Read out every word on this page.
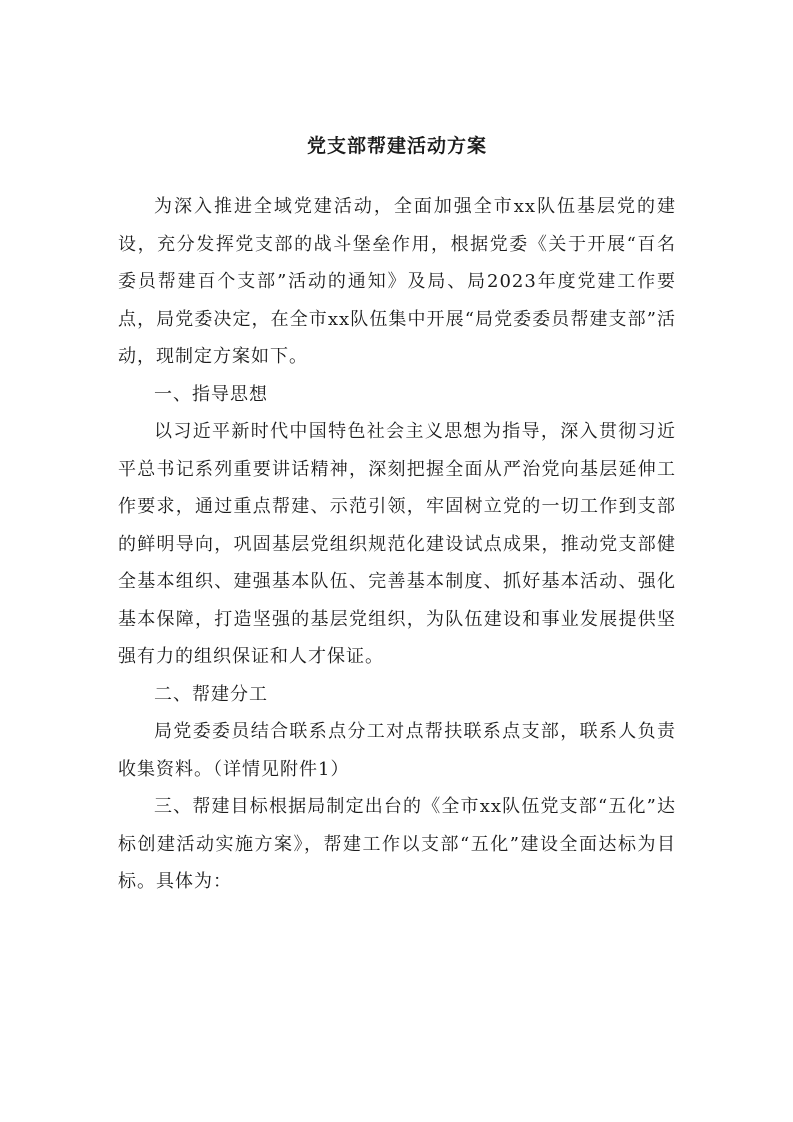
党支部帮建活动方案

为深入推进全域党建活动，全面加强全市xx队伍基层党的建设，充分发挥党支部的战斗堡垒作用，根据党委《关于开展“百名委员帮建百个支部”活动的通知》及局、局2023年度党建工作要点，局党委决定，在全市xx队伍集中开展“局党委委员帮建支部”活动，现制定方案如下。

一、指导思想

以习近平新时代中国特色社会主义思想为指导，深入贯彻习近平总书记系列重要讲话精神，深刻把握全面从严治党向基层延伸工作要求，通过重点帮建、示范引领，牢固树立党的一切工作到支部的鲜明导向，巩固基层党组织规范化建设试点成果，推动党支部健全基本组织、建强基本队伍、完善基本制度、抓好基本活动、强化基本保障，打造坚强的基层党组织，为队伍建设和事业发展提供坚强有力的组织保证和人才保证。

二、帮建分工

局党委委员结合联系点分工对点帮扶联系点支部，联系人负责收集资料。（详情见附件1）

三、帮建目标根据局制定出台的《全市xx队伍党支部“五化”达标创建活动实施方案》，帮建工作以支部“五化”建设全面达标为目标。具体为：
